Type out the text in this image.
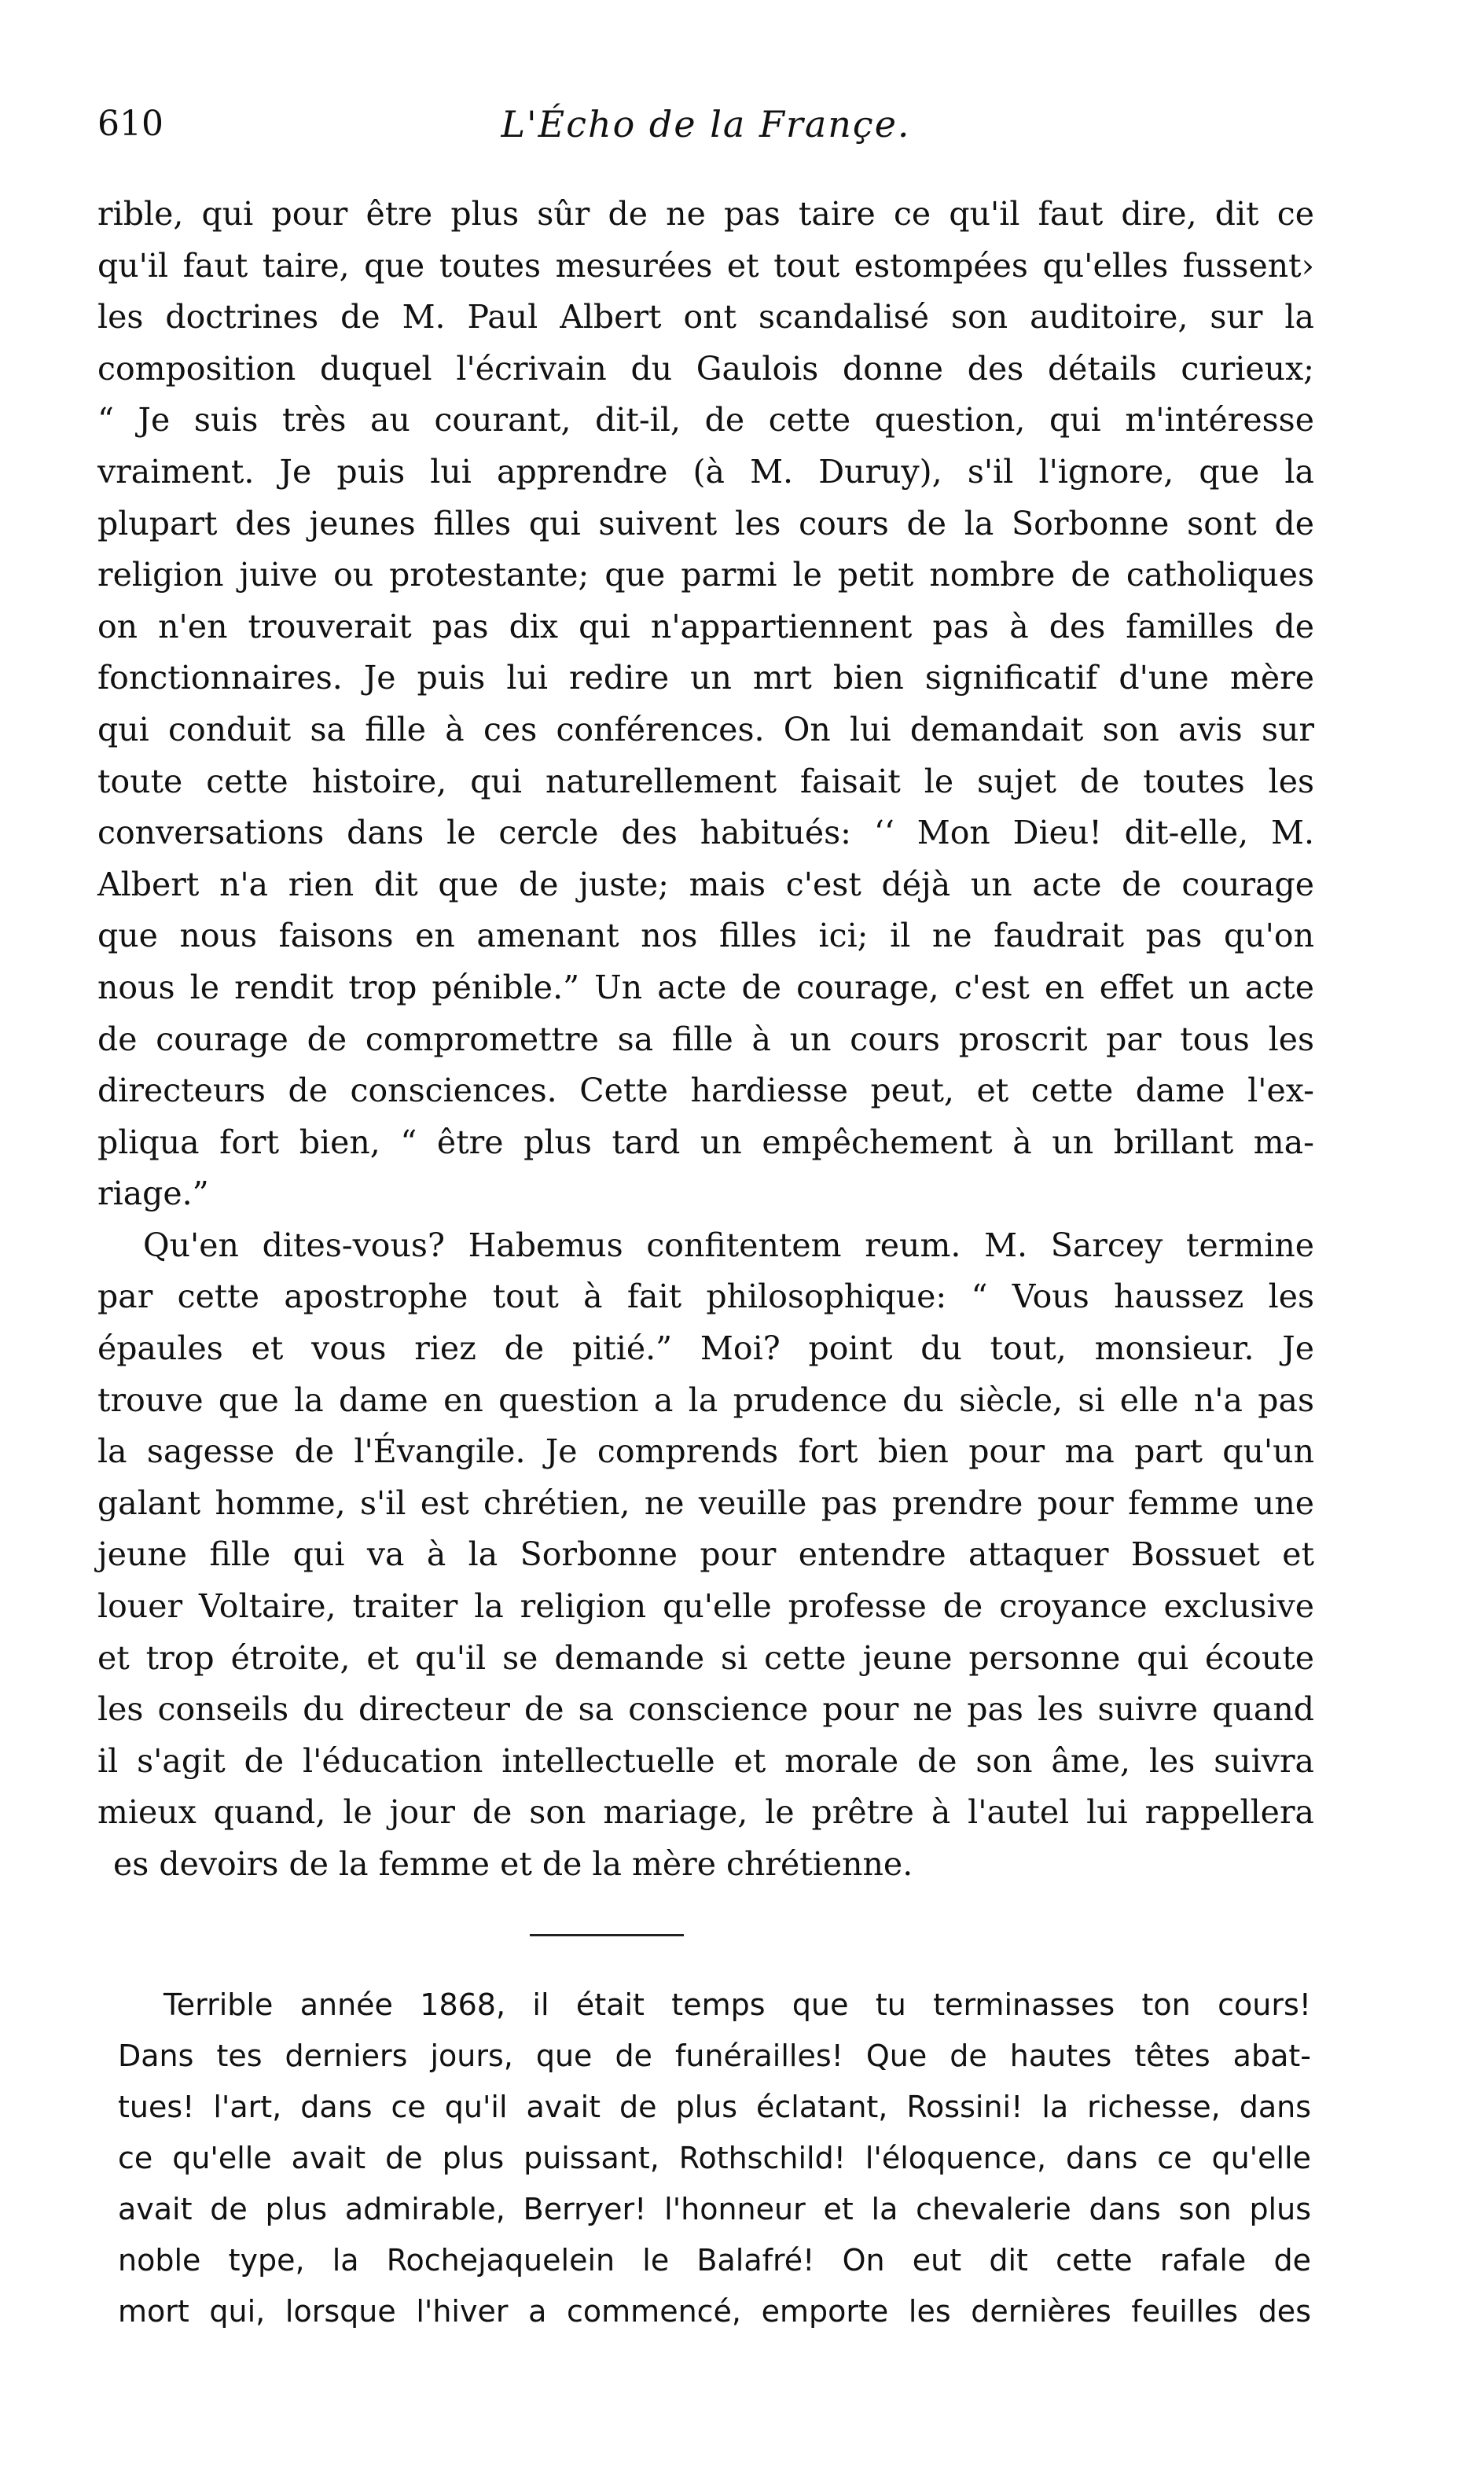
610	L'Écho de la Françe.
rible, qui pour être plus sûr de ne pas taire ce qu'il faut dire, dit ce
qu'il faut taire, que toutes mesurées et tout estompées qu'elles fussent›
les doctrines de M. Paul Albert ont scandalisé son auditoire, sur la
composition duquel l'écrivain du Gaulois donne des détails curieux;
“ Je suis très au courant, dit-il, de cette question, qui m'intéresse
vraiment. Je puis lui apprendre (à M. Duruy), s'il l'ignore, que la
plupart des jeunes filles qui suivent les cours de la Sorbonne sont de
religion juive ou protestante; que parmi le petit nombre de catholiques
on n'en trouverait pas dix qui n'appartiennent pas à des familles de
fonctionnaires. Je puis lui redire un mrt bien significatif d'une mère
qui conduit sa fille à ces conférences. On lui demandait son avis sur
toute cette histoire, qui naturellement faisait le sujet de toutes les
conversations dans le cercle des habitués: ‘‘ Mon Dieu! dit-elle, M.
Albert n'a rien dit que de juste; mais c'est déjà un acte de courage
que nous faisons en amenant nos filles ici; il ne faudrait pas qu'on
nous le rendit trop pénible.” Un acte de courage, c'est en effet un acte
de courage de compromettre sa fille à un cours proscrit par tous les
directeurs de consciences. Cette hardiesse peut, et cette dame l'ex-
pliqua fort bien, “ être plus tard un empêchement à un brillant ma-
riage.”
Qu'en dites-vous? Habemus confitentem reum. M. Sarcey termine
par cette apostrophe tout à fait philosophique: “ Vous haussez les
épaules et vous riez de pitié.” Moi? point du tout, monsieur. Je
trouve que la dame en question a la prudence du siècle, si elle n'a pas
la sagesse de l'Évangile. Je comprends fort bien pour ma part qu'un
galant homme, s'il est chrétien, ne veuille pas prendre pour femme une
jeune fille qui va à la Sorbonne pour entendre attaquer Bossuet et
louer Voltaire, traiter la religion qu'elle professe de croyance exclusive
et trop étroite, et qu'il se demande si cette jeune personne qui écoute
les conseils du directeur de sa conscience pour ne pas les suivre quand
il s'agit de l'éducation intellectuelle et morale de son âme, les suivra
mieux quand, le jour de son mariage, le prêtre à l'autel lui rappellera
es devoirs de la femme et de la mère chrétienne.
Terrible année 1868, il était temps que tu terminasses ton cours!
Dans tes derniers jours, que de funérailles! Que de hautes têtes abat-
tues! l'art, dans ce qu'il avait de plus éclatant, Rossini! la richesse, dans
ce qu'elle avait de plus puissant, Rothschild! l'éloquence, dans ce qu'elle
avait de plus admirable, Berryer! l'honneur et la chevalerie dans son plus
noble type, la Rochejaquelein le Balafré! On eut dit cette rafale de
mort qui, lorsque l'hiver a commencé, emporte les dernières feuilles des
